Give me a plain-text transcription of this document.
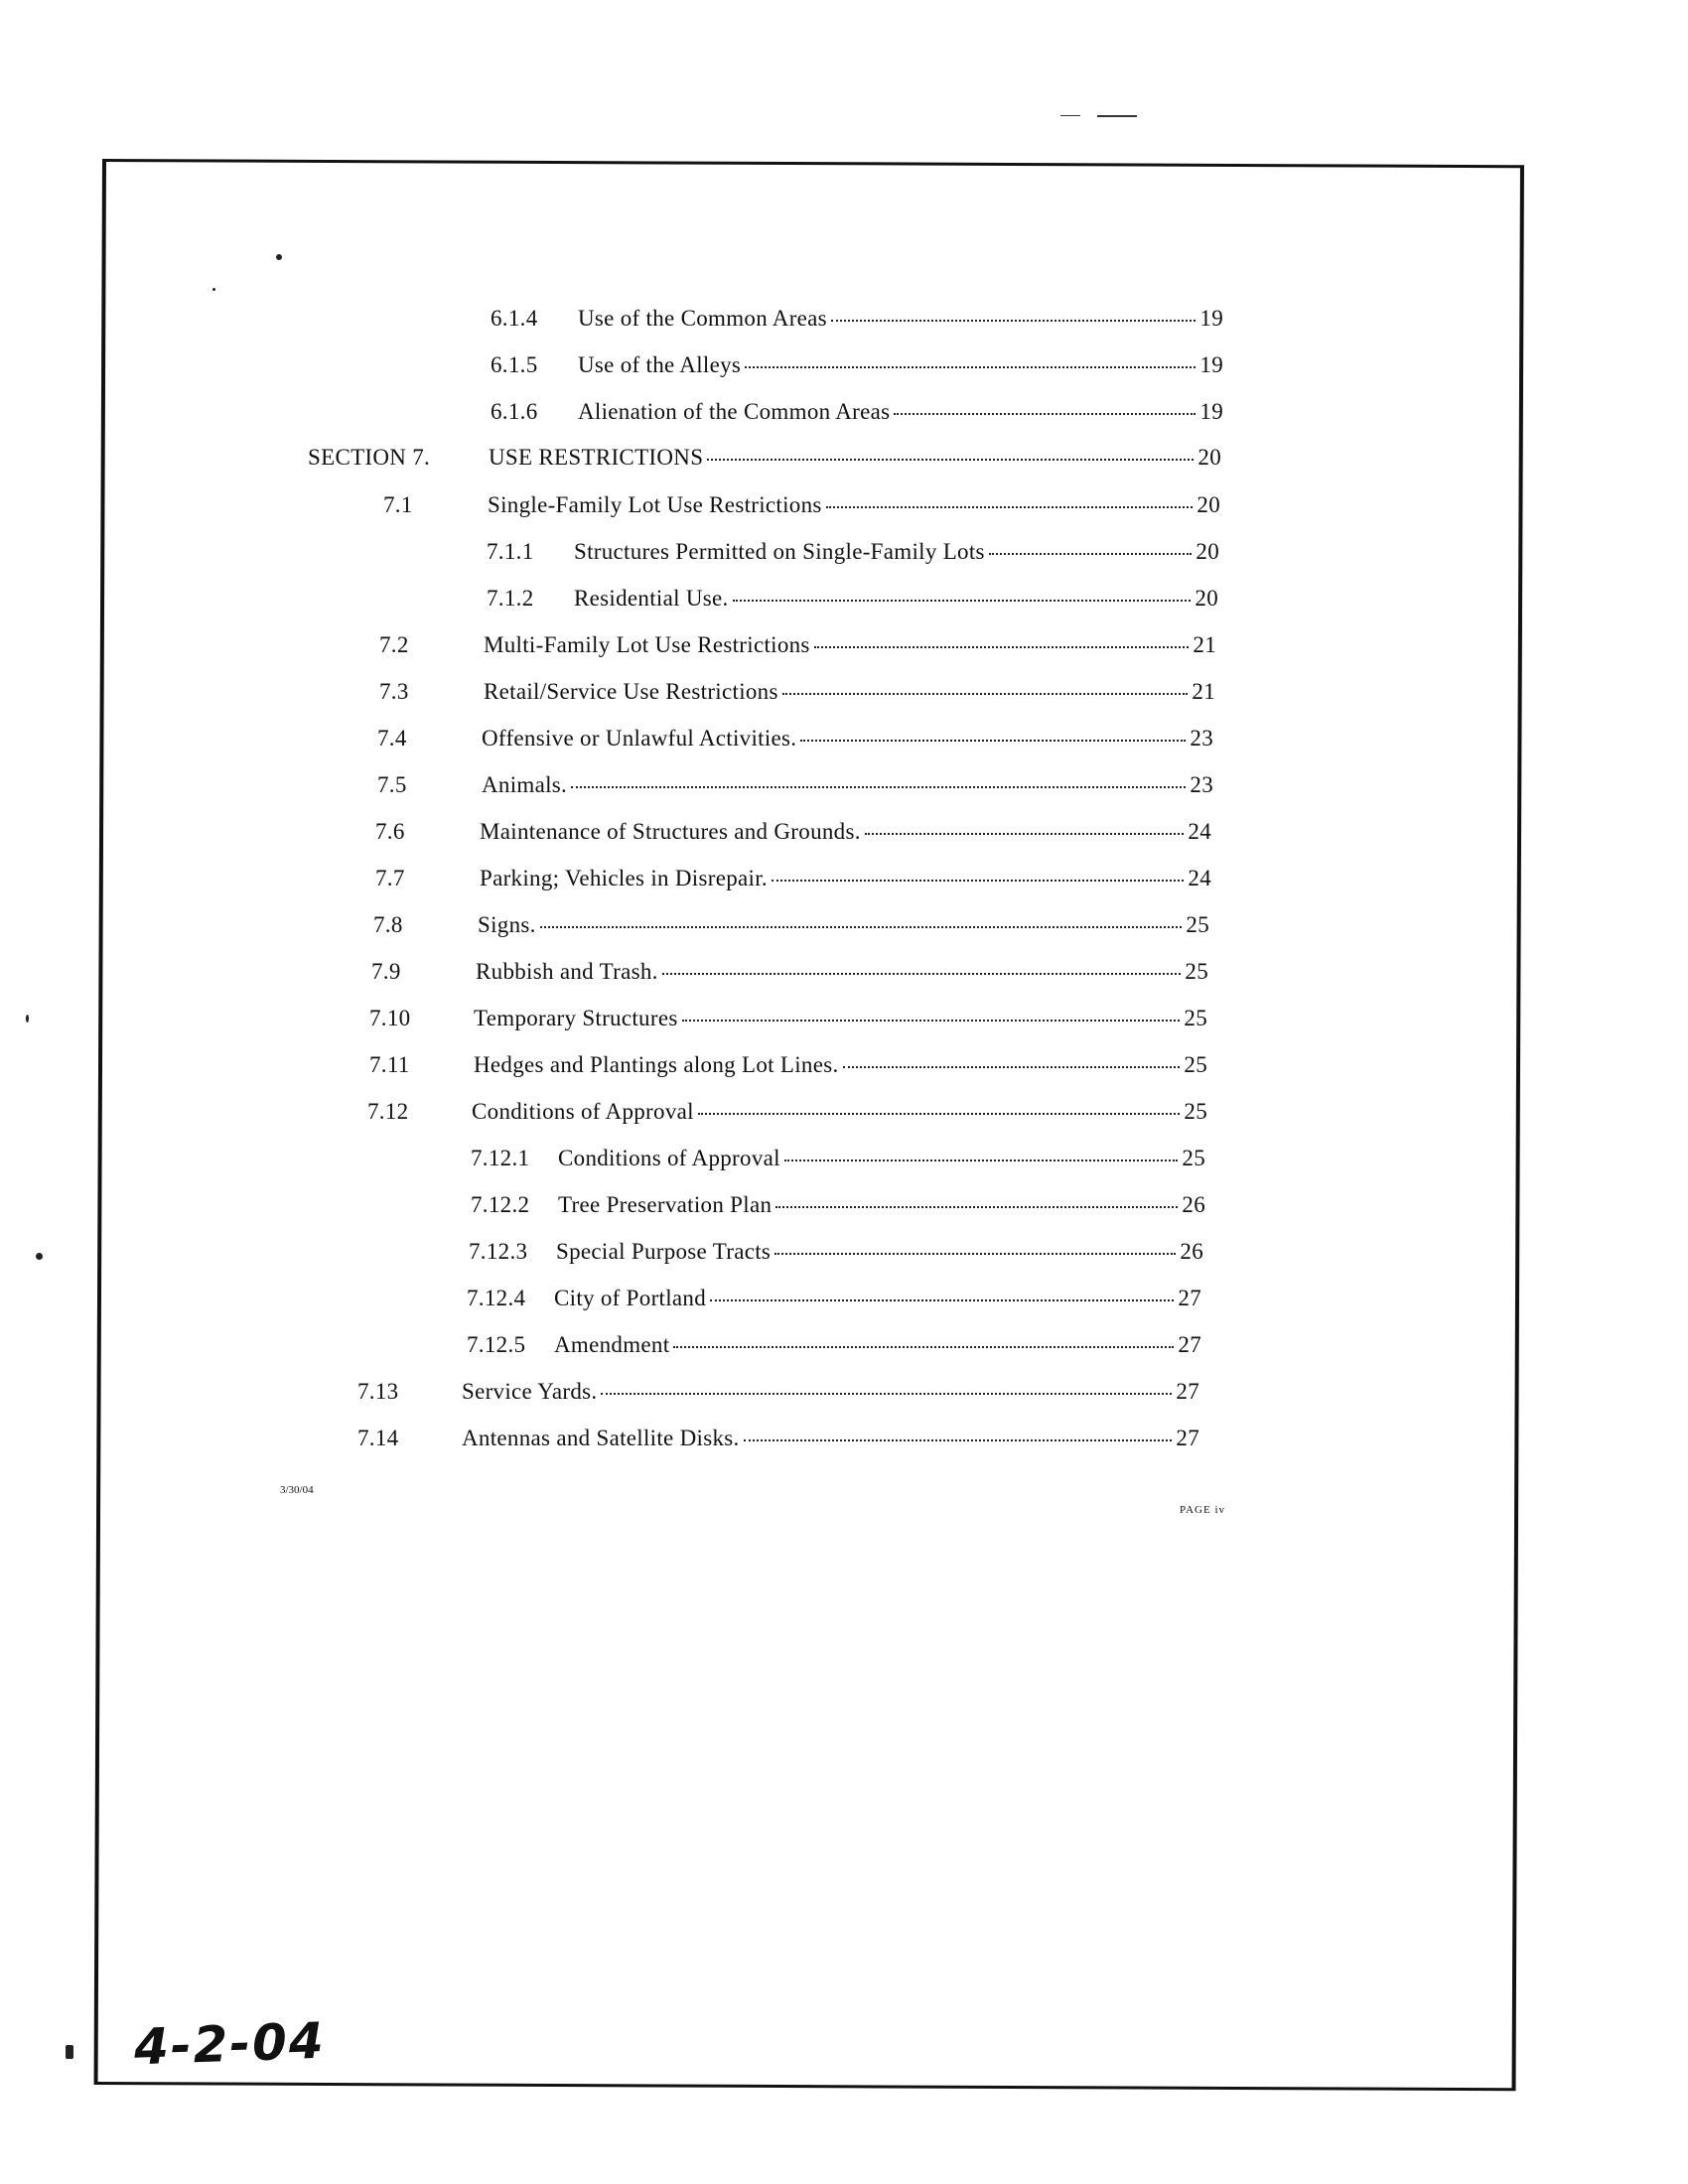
6.1.4	Use of the Common Areas	19
6.1.5	Use of the Alleys	19
6.1.6	Alienation of the Common Areas	19
SECTION 7.	USE RESTRICTIONS	20
7.1	Single-Family Lot Use Restrictions	20
7.1.1	Structures Permitted on Single-Family Lots	20
7.1.2	Residential Use.	20
7.2	Multi-Family Lot Use Restrictions	21
7.3	Retail/Service Use Restrictions	21
7.4	Offensive or Unlawful Activities.	23
7.5	Animals.	23
7.6	Maintenance of Structures and Grounds.	24
7.7	Parking; Vehicles in Disrepair.	24
7.8	Signs.	25
7.9	Rubbish and Trash.	25
7.10	Temporary Structures	25
7.11	Hedges and Plantings along Lot Lines.	25
7.12	Conditions of Approval	25
7.12.1	Conditions of Approval	25
7.12.2	Tree Preservation Plan	26
7.12.3	Special Purpose Tracts	26
7.12.4	City of Portland	27
7.12.5	Amendment	27
7.13	Service Yards.	27
7.14	Antennas and Satellite Disks.	27
3/30/04
PAGE iv
4-2-04
